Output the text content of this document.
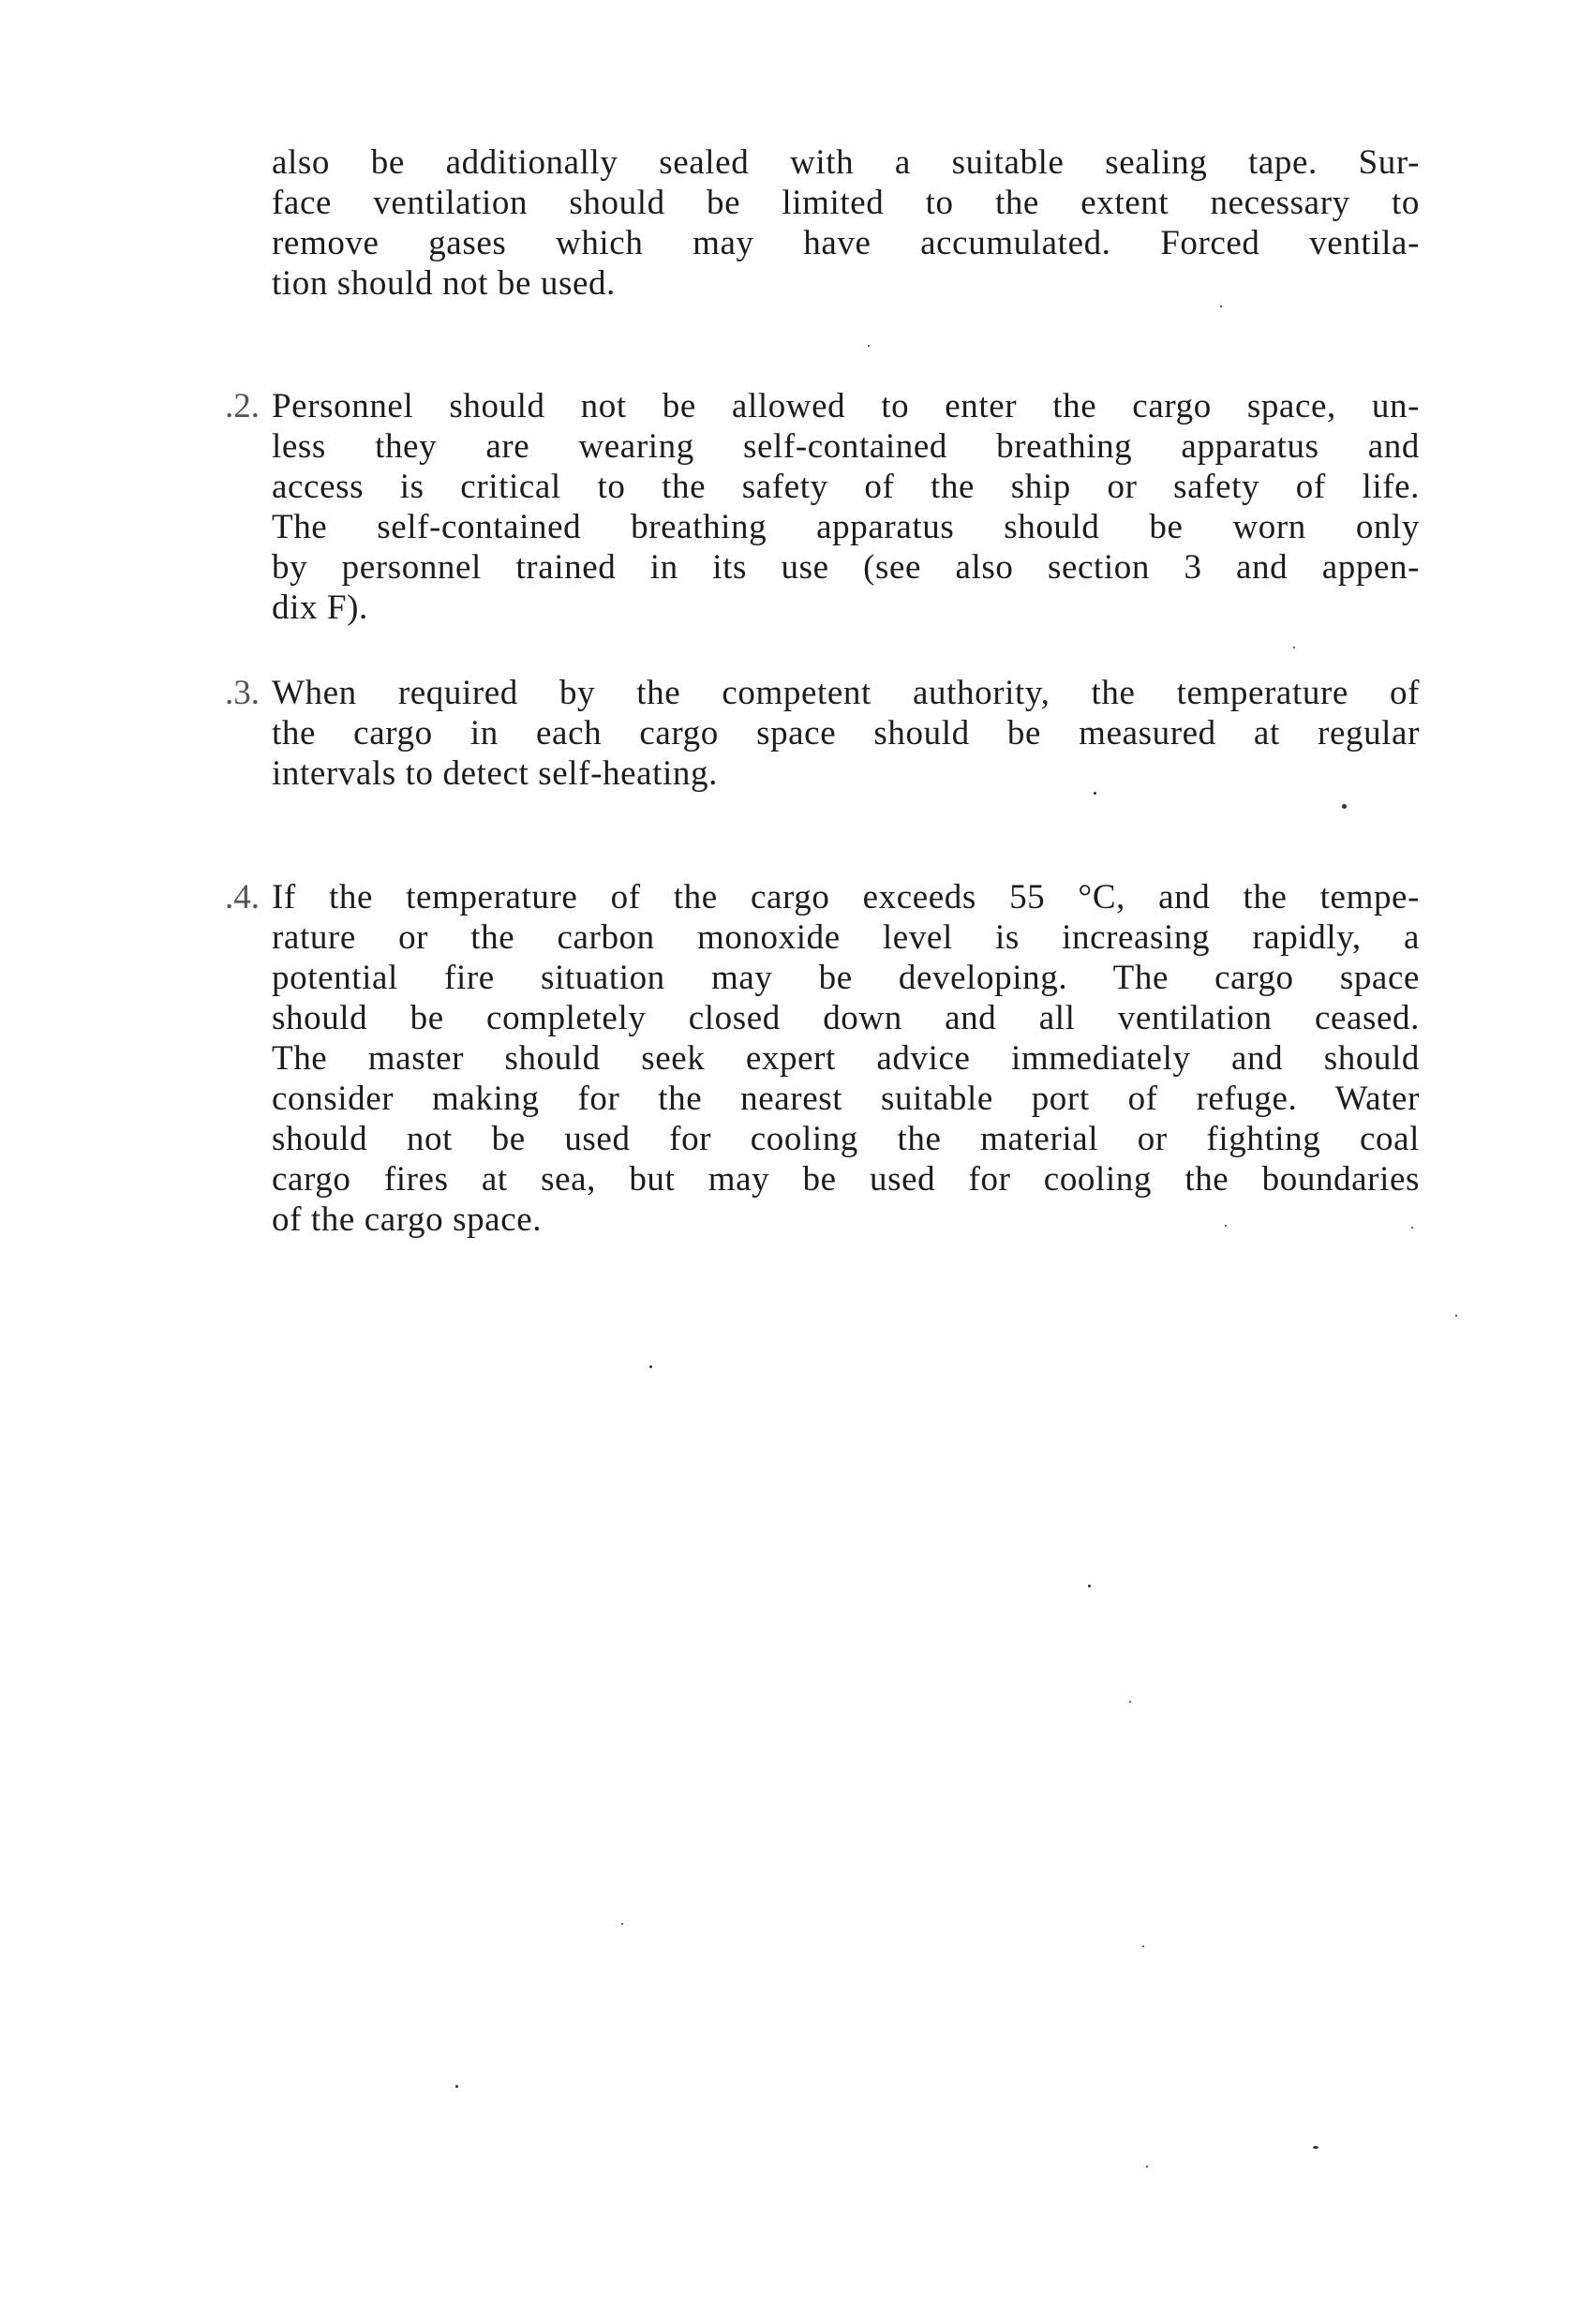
also be additionally sealed with a suitable sealing tape. Sur-
face ventilation should be limited to the extent necessary to
remove gases which may have accumulated. Forced ventila-
tion should not be used.
.2. Personnel should not be allowed to enter the cargo space, un-
less they are wearing self-contained breathing apparatus and
access is critical to the safety of the ship or safety of life.
The self-contained breathing apparatus should be worn only
by personnel trained in its use (see also section 3 and appen-
dix F).
.3. When required by the competent authority, the temperature of
the cargo in each cargo space should be measured at regular
intervals to detect self-heating.
.4. If the temperature of the cargo exceeds 55 °C, and the tempe-
rature or the carbon monoxide level is increasing rapidly, a
potential fire situation may be developing. The cargo space
should be completely closed down and all ventilation ceased.
The master should seek expert advice immediately and should
consider making for the nearest suitable port of refuge. Water
should not be used for cooling the material or fighting coal
cargo fires at sea, but may be used for cooling the boundaries
of the cargo space.
